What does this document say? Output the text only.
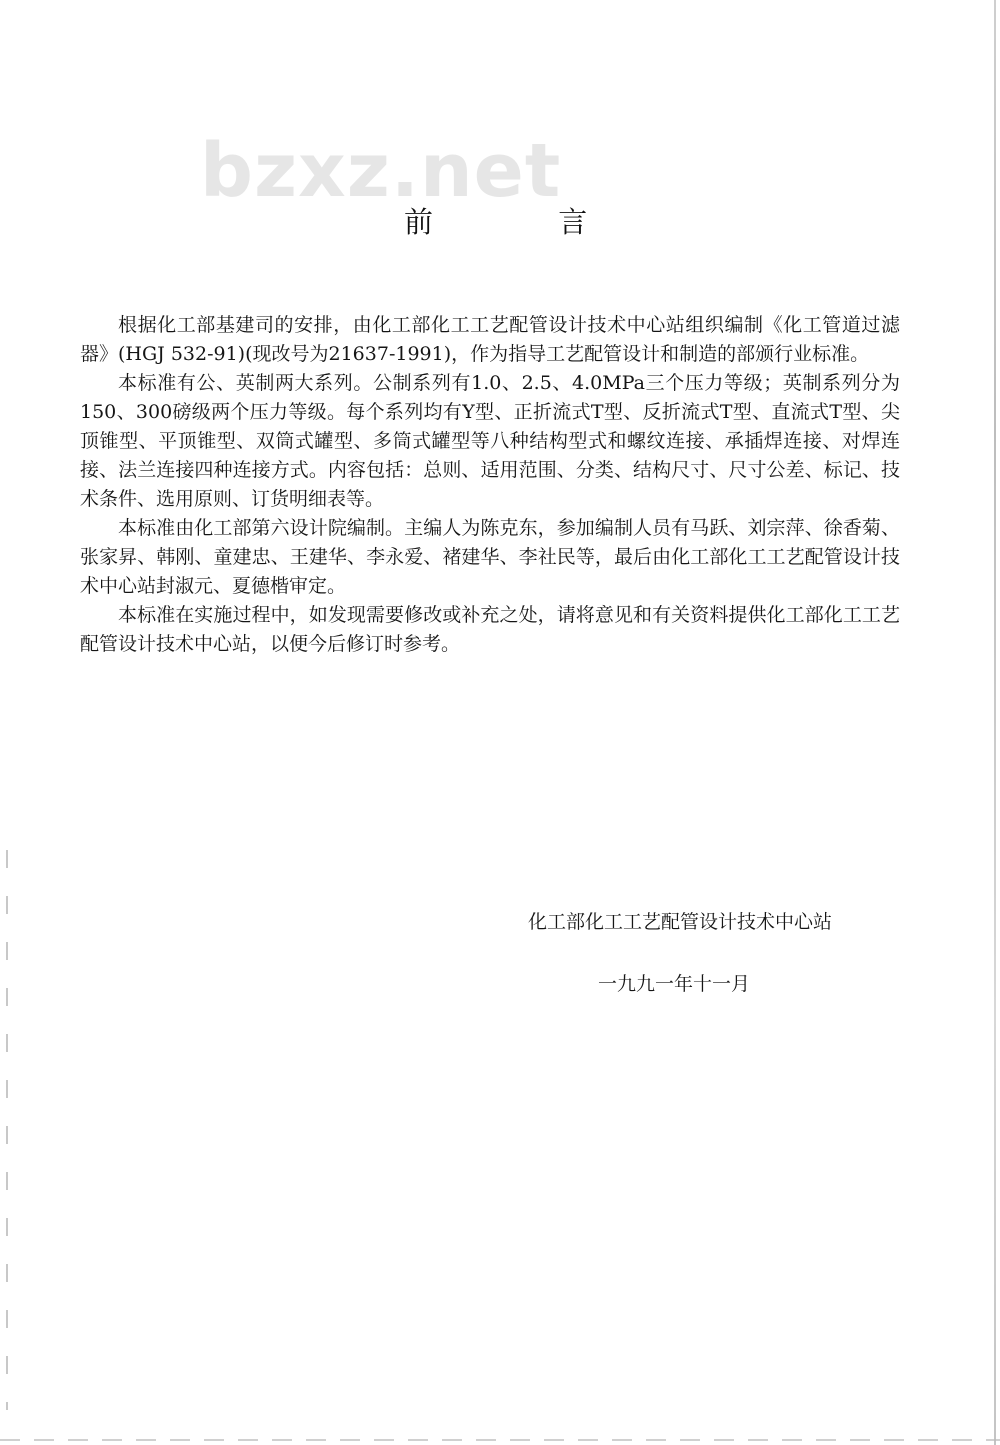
bzxz.net
前 言

根据化工部基建司的安排，由化工部化工工艺配管设计技术中心站组织编制《化工管道过滤器》(HGJ 532-91)(现改号为21637-1991)，作为指导工艺配管设计和制造的部颁行业标准。

本标准有公、英制两大系列。公制系列有1.0、2.5、4.0MPa三个压力等级；英制系列分为150、300磅级两个压力等级。每个系列均有Y型、正折流式T型、反折流式T型、直流式T型、尖顶锥型、平顶锥型、双筒式罐型、多筒式罐型等八种结构型式和螺纹连接、承插焊连接、对焊连接、法兰连接四种连接方式。内容包括：总则、适用范围、分类、结构尺寸、尺寸公差、标记、技术条件、选用原则、订货明细表等。

本标准由化工部第六设计院编制。主编人为陈克东，参加编制人员有马跃、刘宗萍、徐香菊、张家昇、韩刚、童建忠、王建华、李永爱、褚建华、李社民等，最后由化工部化工工艺配管设计技术中心站封淑元、夏德楷审定。

本标准在实施过程中，如发现需要修改或补充之处，请将意见和有关资料提供化工部化工工艺配管设计技术中心站，以便今后修订时参考。

化工部化工工艺配管设计技术中心站
一九九一年十一月
